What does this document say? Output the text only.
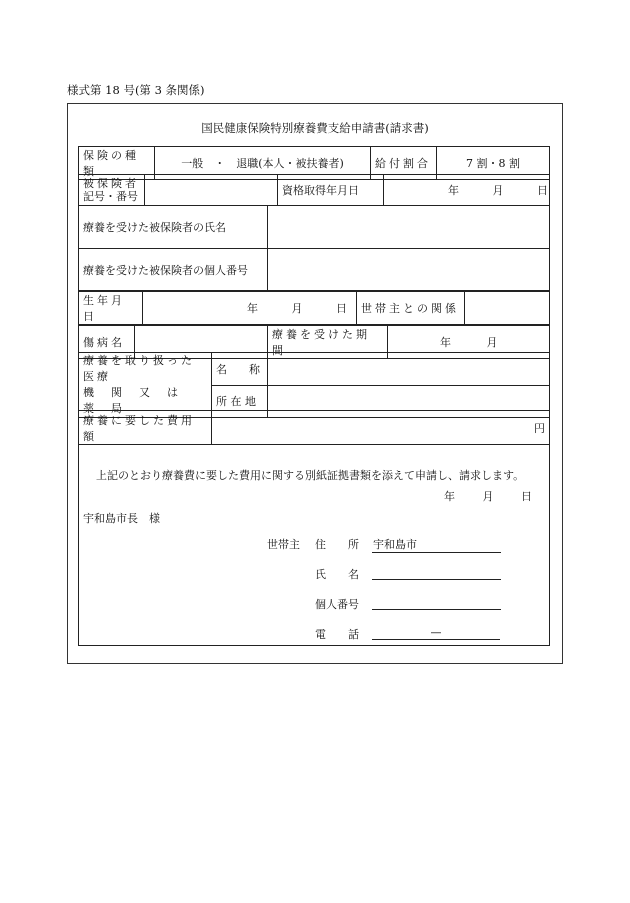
様式第 18 号(第 3 条関係)
国民健康保険特別療養費支給申請書(請求書)
保険の種類	一般　・　退職(本人・被扶養者)	給付割合	7 割・8 割
被保険者
記号・番号		資格取得年月日	年	月	日
療養を受けた被保険者の氏名	
療養を受けた被保険者の個人番号	
生年月日	年	月	日	世帯主との関係	
傷病名		療養を受けた期間	年	月
療養を取り扱った医療
機　関　又　は　薬　局	名　　称	
	所 在 地	
療養に要した費用額	円
上記のとおり療養費に要した費用に関する別紙証拠書類を添えて申請し、請求します。
年	月	日
宇和島市長　様
世帯主 住　　所 宇和島市
氏　　名

個人番号

電　　話	—
